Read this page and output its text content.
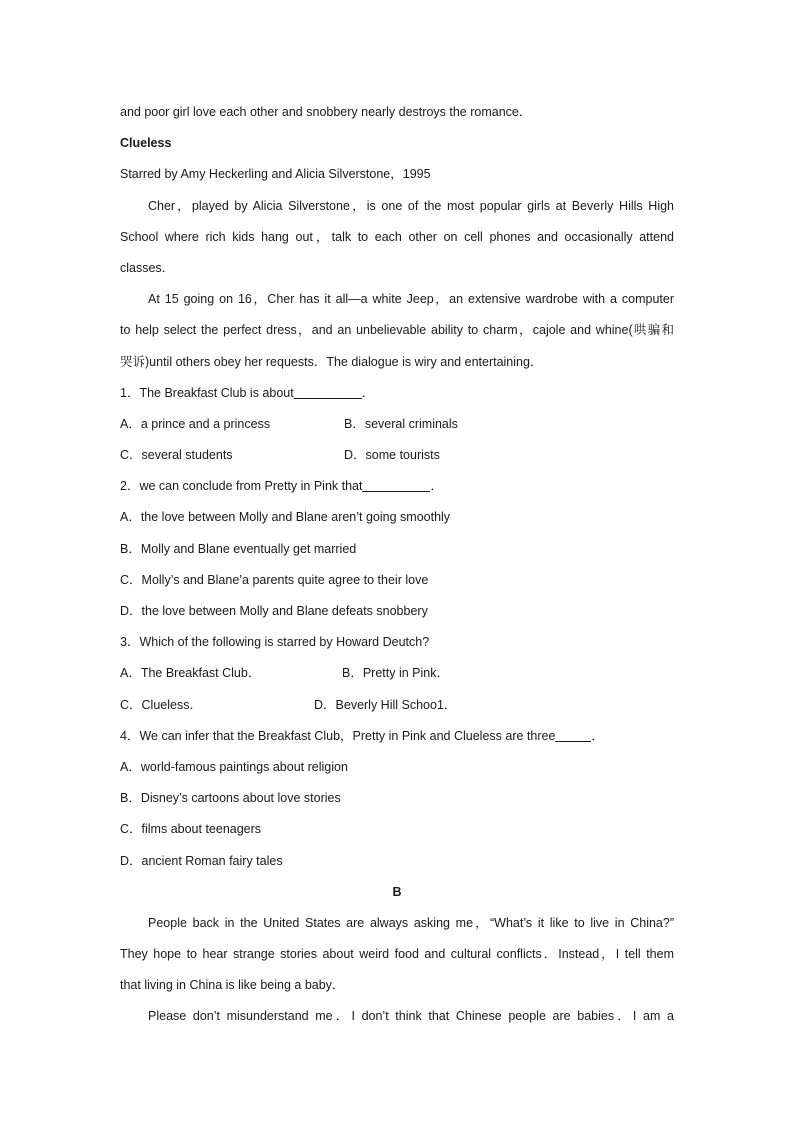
and poor girl love each other and snobbery nearly destroys the romance．
Clueless
Starred by Amy Heckerling and Alicia Silverstone，1995
Cher，played by Alicia Silverstone，is one of the most popular girls at Beverly Hills High
School where rich kids hang out，talk to each other on cell phones and occasionally attend
classes．
At 15 going on 16，Cher has it all—a white Jeep，an extensive wardrobe with a computer
to help select the perfect dress，and an unbelievable ability to charm，cajole and whine(哄骗和
哭诉)until others obey her requests．The dialogue is wiry and entertaining．
1．The Breakfast Club is about	．
A．a prince and a princess	B．several criminals
C．several students	D．some tourists
2．we can conclude from Pretty in Pink that	．
A．the love between Molly and Blane aren’t going smoothly
B．Molly and Blane eventually get married
C．Molly’s and Blane’a parents quite agree to their love
D．the love between Molly and Blane defeats snobbery
3．Which of the following is starred by Howard Deutch?
A．The Breakfast Club．	B．Pretty in Pink．
C．Clueless．	D．Beverly Hill Schoo1．
4．We can infer that the Breakfast Club，Pretty in Pink and Clueless are three	．
A．world-famous paintings about religion
B．Disney’s cartoons about love stories
C．films about teenagers
D．ancient Roman fairy tales
B
People back in the United States are always asking me，“What’s it like to live in China?”
They hope to hear strange stories about weird food and cultural conflicts．Instead，I tell them
that living in China is like being a baby．
Please don’t misunderstand me．I don’t think that Chinese people are babies．I am a
